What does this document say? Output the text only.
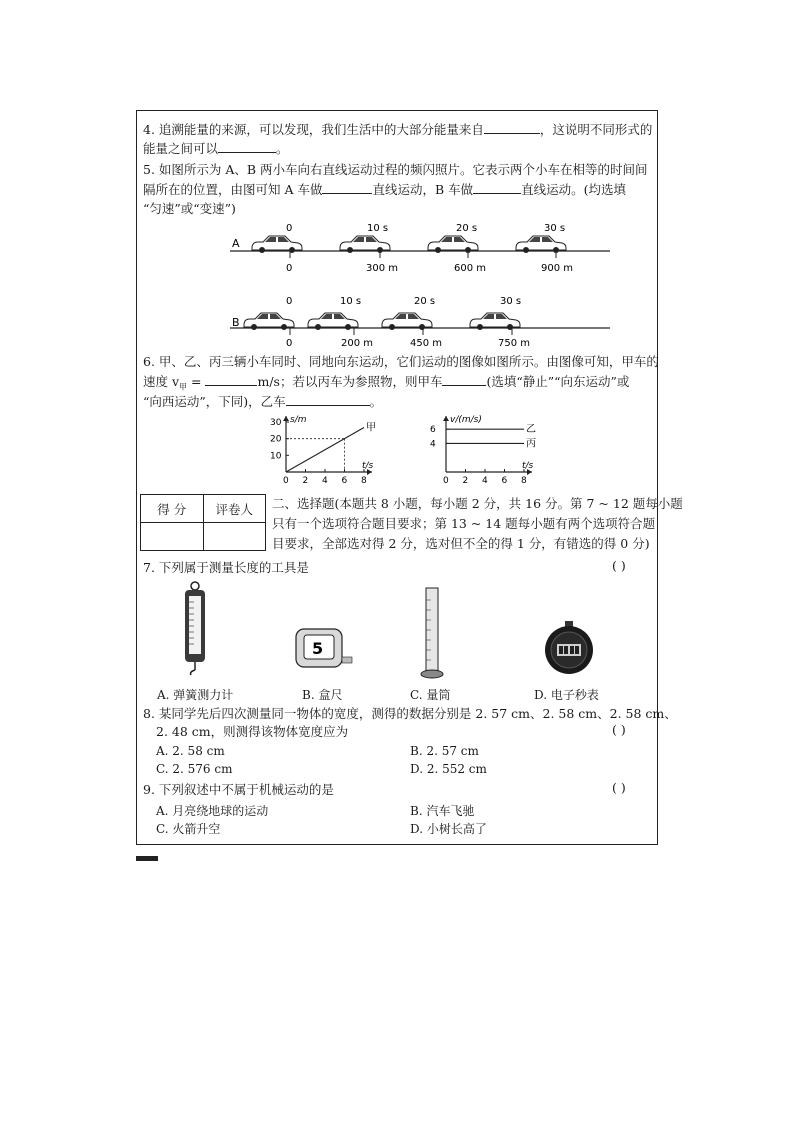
4. 追溯能量的来源，可以发现，我们生活中的大部分能量来自	，这说明不同形式的
能量之间可以	。
5. 如图所示为 A、B 两小车向右直线运动过程的频闪照片。它表示两个小车在相等的时间间
隔所在的位置，由图可知 A 车做	直线运动，B 车做	直线运动。(均选填
“匀速”或“变速”)
A
0	10 s	20 s	30 s
0	300 m	600 m	900 m
B
0	10 s	20 s	30 s
0	200 m	450 m	750 m
6. 甲、乙、丙三辆小车同时、同地向东运动，它们运动的图像如图所示。由图像可知，甲车的
速度 $v_甲$ =	m/s；若以丙车为参照物，则甲车	(选填“静止”“向东运动”或
“向西运动”，下同)，乙车	。
s/m
t/s
0 2 4 6 8
10
20
30	甲
v/(m/s)
t/s
0 2 4 6 8
4
6	乙
丙
得 分	评卷人
	二、选择题(本题共 8 小题，每小题 2 分，共 16 分。第 7 ~ 12 题每小题
只有一个选项符合题目要求；第 13 ~ 14 题每小题有两个选项符合题
目要求，全部选对得 2 分，选对但不全的得 1 分，有错选的得 0 分)
7. 下列属于测量长度的工具是	( )
5
A. 弹簧测力计	B. 盒尺	C. 量筒	D. 电子秒表
8. 某同学先后四次测量同一物体的宽度，测得的数据分别是 2. 57 cm、2. 58 cm、2. 58 cm、
2. 48 cm，则测得该物体宽度应为	( )
A. 2. 58 cm	B. 2. 57 cm
C. 2. 576 cm	D. 2. 552 cm
9. 下列叙述中不属于机械运动的是	( )
A. 月亮绕地球的运动	B. 汽车飞驰
C. 火箭升空	D. 小树长高了
